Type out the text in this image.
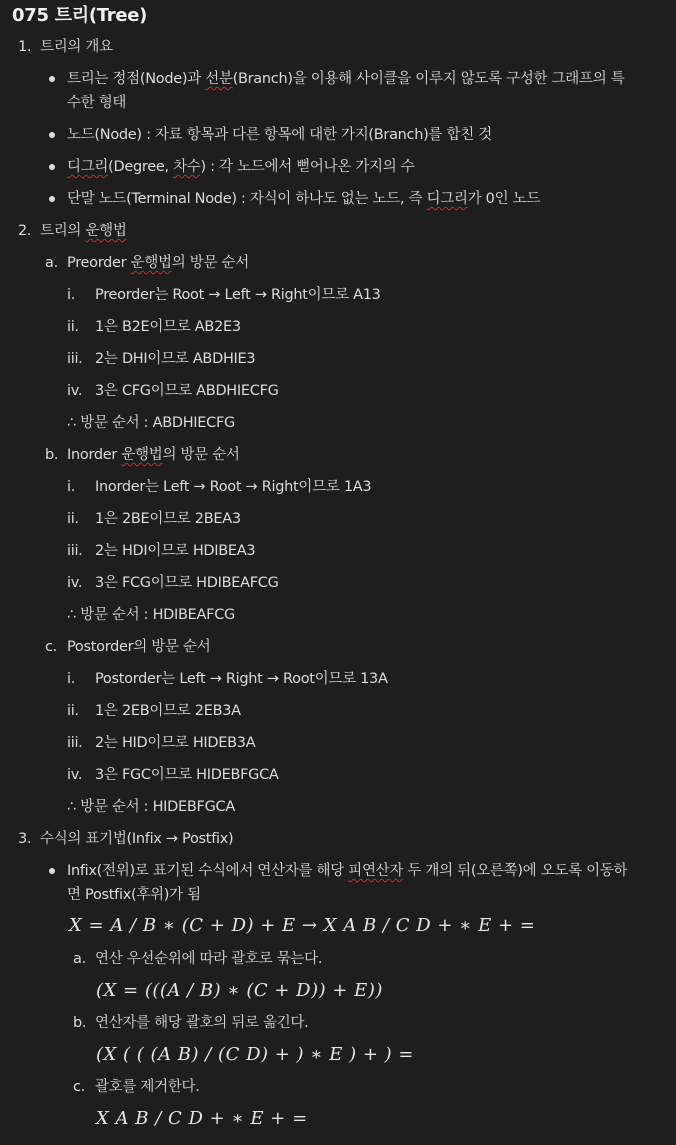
075 트리(Tree)
1. 트리의 개요
트리는 정점(Node)과 선분(Branch)을 이용해 사이클을 이루지 않도록 구성한 그래프의 특
수한 형태
노드(Node) : 자료 항목과 다른 항목에 대한 가지(Branch)를 합친 것
디그리(Degree, 차수) : 각 노드에서 뻗어나온 가지의 수
단말 노드(Terminal Node) : 자식이 하나도 없는 노드, 즉 디그리가 0인 노드
2. 트리의 운행법
a. Preorder 운행법의 방문 순서
i. Preorder는 Root → Left → Right이므로 A13
ii. 1은 B2E이므로 AB2E3
iii. 2는 DHI이므로 ABDHIE3
iv. 3은 CFG이므로 ABDHIECFG
∴ 방문 순서 : ABDHIECFG
b. Inorder 운행법의 방문 순서
i. Inorder는 Left → Root → Right이므로 1A3
ii. 1은 2BE이므로 2BEA3
iii. 2는 HDI이므로 HDIBEA3
iv. 3은 FCG이므로 HDIBEAFCG
∴ 방문 순서 : HDIBEAFCG
c. Postorder의 방문 순서
i. Postorder는 Left → Right → Root이므로 13A
ii. 1은 2EB이므로 2EB3A
iii. 2는 HID이므로 HIDEB3A
iv. 3은 FGC이므로 HIDEBFGCA
∴ 방문 순서 : HIDEBFGCA
3. 수식의 표기법(Infix → Postfix)
Infix(전위)로 표기된 수식에서 연산자를 해당 피연산자 두 개의 뒤(오른쪽)에 오도록 이동하
면 Postfix(후위)가 됨
X = A / B ∗ (C + D) + E → X A B / C D + ∗ E + =
a. 연산 우선순위에 따라 괄호로 묶는다.
(X = (((A / B) ∗ (C + D)) + E))
b. 연산자를 해당 괄호의 뒤로 옮긴다.
(X ( ( (A B) / (C D) + ) ∗ E ) + ) =
c. 괄호를 제거한다.
X A B / C D + ∗ E + =
